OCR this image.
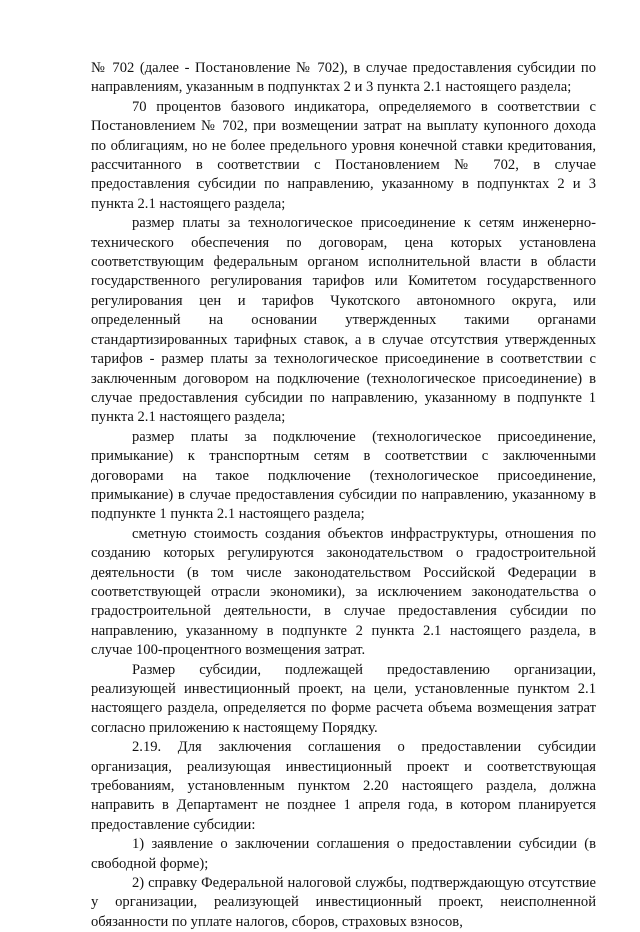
№ 702 (далее - Постановление № 702), в случае предоставления субсидии по направлениям, указанным в подпунктах 2 и 3 пункта 2.1 настоящего раздела;

70 процентов базового индикатора, определяемого в соответствии с Постановлением № 702, при возмещении затрат на выплату купонного дохода по облигациям, но не более предельного уровня конечной ставки кредитования, рассчитанного в соответствии с Постановлением № 702, в случае предоставления субсидии по направлению, указанному в подпунктах 2 и 3 пункта 2.1 настоящего раздела;

размер платы за технологическое присоединение к сетям инженерно-технического обеспечения по договорам, цена которых установлена соответствующим федеральным органом исполнительной власти в области государственного регулирования тарифов или Комитетом государственного регулирования цен и тарифов Чукотского автономного округа, или определенный на основании утвержденных такими органами стандартизированных тарифных ставок, а в случае отсутствия утвержденных тарифов - размер платы за технологическое присоединение в соответствии с заключенным договором на подключение (технологическое присоединение) в случае предоставления субсидии по направлению, указанному в подпункте 1 пункта 2.1 настоящего раздела;

размер платы за подключение (технологическое присоединение, примыкание) к транспортным сетям в соответствии с заключенными договорами на такое подключение (технологическое присоединение, примыкание) в случае предоставления субсидии по направлению, указанному в подпункте 1 пункта 2.1 настоящего раздела;

сметную стоимость создания объектов инфраструктуры, отношения по созданию которых регулируются законодательством о градостроительной деятельности (в том числе законодательством Российской Федерации в соответствующей отрасли экономики), за исключением законодательства о градостроительной деятельности, в случае предоставления субсидии по направлению, указанному в подпункте 2 пункта 2.1 настоящего раздела, в случае 100-процентного возмещения затрат.

Размер субсидии, подлежащей предоставлению организации, реализующей инвестиционный проект, на цели, установленные пунктом 2.1 настоящего раздела, определяется по форме расчета объема возмещения затрат согласно приложению к настоящему Порядку.

2.19. Для заключения соглашения о предоставлении субсидии организация, реализующая инвестиционный проект и соответствующая требованиям, установленным пунктом 2.20 настоящего раздела, должна направить в Департамент не позднее 1 апреля года, в котором планируется предоставление субсидии:

1) заявление о заключении соглашения о предоставлении субсидии (в свободной форме);

2) справку Федеральной налоговой службы, подтверждающую отсутствие у организации, реализующей инвестиционный проект, неисполненной обязанности по уплате налогов, сборов, страховых взносов,
